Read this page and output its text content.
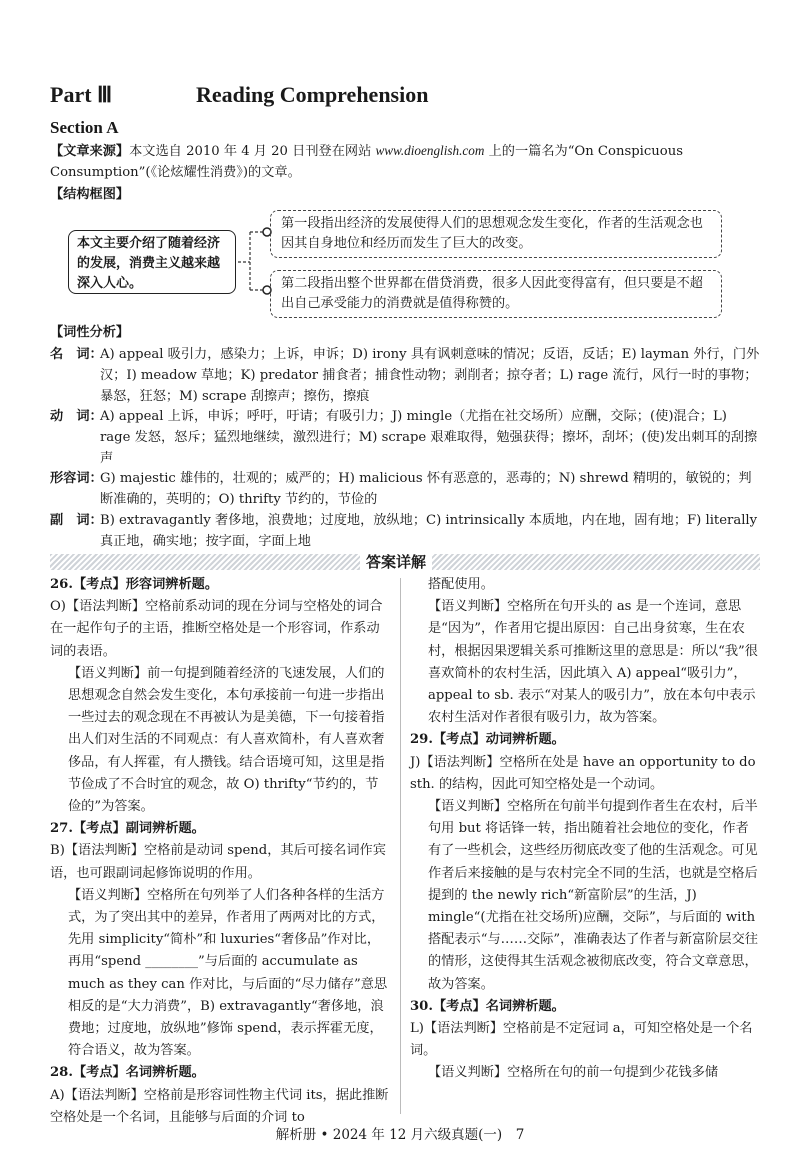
Part Ⅲ	Reading Comprehension
Section A
【文章来源】本文选自 2010 年 4 月 20 日刊登在网站 www.dioenglish.com 上的一篇名为“On Conspicuous Consumption”(《论炫耀性消费》)的文章。
【结构框图】
本文主要介绍了随着经济的发展，消费主义越来越深入人心。
第一段指出经济的发展使得人们的思想观念发生变化，作者的生活观念也因其自身地位和经历而发生了巨大的改变。
第二段指出整个世界都在借贷消费，很多人因此变得富有，但只要是不超出自己承受能力的消费就是值得称赞的。
【词性分析】
名　词：
A) appeal 吸引力，感染力；上诉，申诉；D) irony 具有讽刺意味的情况；反语，反话；E) layman 外行，门外汉；I) meadow 草地；K) predator 捕食者；捕食性动物；剥削者；掠夺者；L) rage 流行，风行一时的事物；暴怒，狂怒；M) scrape 刮擦声；擦伤，擦痕
动　词：
A) appeal 上诉，申诉；呼吁，吁请；有吸引力；J) mingle（尤指在社交场所）应酬，交际；(使)混合；L) rage 发怒，怒斥；猛烈地继续，激烈进行；M) scrape 艰难取得，勉强获得；擦坏，刮坏；(使)发出刺耳的刮擦声
形容词：
G) majestic 雄伟的，壮观的；威严的；H) malicious 怀有恶意的，恶毒的；N) shrewd 精明的，敏锐的；判断准确的，英明的；O) thrifty 节约的，节俭的
副　词：
B) extravagantly 奢侈地，浪费地；过度地，放纵地；C) intrinsically 本质地，内在地，固有地；F) literally 真正地，确实地；按字面，字面上地
答案详解

26.【考点】形容词辨析题。

O)【语法判断】空格前系动词的现在分词与空格处的词合在一起作句子的主语，推断空格处是一个形容词，作系动词的表语。

【语义判断】前一句提到随着经济的飞速发展，人们的思想观念自然会发生变化，本句承接前一句进一步指出一些过去的观念现在不再被认为是美德，下一句接着指出人们对生活的不同观点：有人喜欢简朴，有人喜欢奢侈品，有人挥霍，有人攒钱。结合语境可知，这里是指节俭成了不合时宜的观念，故 O) thrifty“节约的，节俭的”为答案。

27.【考点】副词辨析题。

B)【语法判断】空格前是动词 spend，其后可接名词作宾语，也可跟副词起修饰说明的作用。

【语义判断】空格所在句列举了人们各种各样的生活方式，为了突出其中的差异，作者用了两两对比的方式，先用 simplicity“简朴”和 luxuries“奢侈品”作对比，再用“spend ________”与后面的 accumulate as much as they can 作对比，与后面的“尽力储存”意思相反的是“大力消费”，B) extravagantly“奢侈地，浪费地；过度地，放纵地”修饰 spend，表示挥霍无度，符合语义，故为答案。

28.【考点】名词辨析题。

A)【语法判断】空格前是形容词性物主代词 its，据此推断空格处是一个名词，且能够与后面的介词 to

搭配使用。

【语义判断】空格所在句开头的 as 是一个连词，意思是“因为”，作者用它提出原因：自己出身贫寒，生在农村，根据因果逻辑关系可推断这里的意思是：所以“我”很喜欢简朴的农村生活，因此填入 A) appeal“吸引力”，appeal to sb. 表示“对某人的吸引力”，放在本句中表示农村生活对作者很有吸引力，故为答案。

29.【考点】动词辨析题。

J)【语法判断】空格所在处是 have an opportunity to do sth. 的结构，因此可知空格处是一个动词。

【语义判断】空格所在句前半句提到作者生在农村，后半句用 but 将话锋一转，指出随着社会地位的变化，作者有了一些机会，这些经历彻底改变了他的生活观念。可见作者后来接触的是与农村完全不同的生活，也就是空格后提到的 the newly rich“新富阶层”的生活，J) mingle“(尤指在社交场所)应酬，交际”，与后面的 with 搭配表示“与……交际”，准确表达了作者与新富阶层交往的情形，这使得其生活观念被彻底改变，符合文章意思，故为答案。

30.【考点】名词辨析题。

L)【语法判断】空格前是不定冠词 a，可知空格处是一个名词。

【语义判断】空格所在句的前一句提到少花钱多储

解析册 • 2024 年 12 月六级真题(一)　7
